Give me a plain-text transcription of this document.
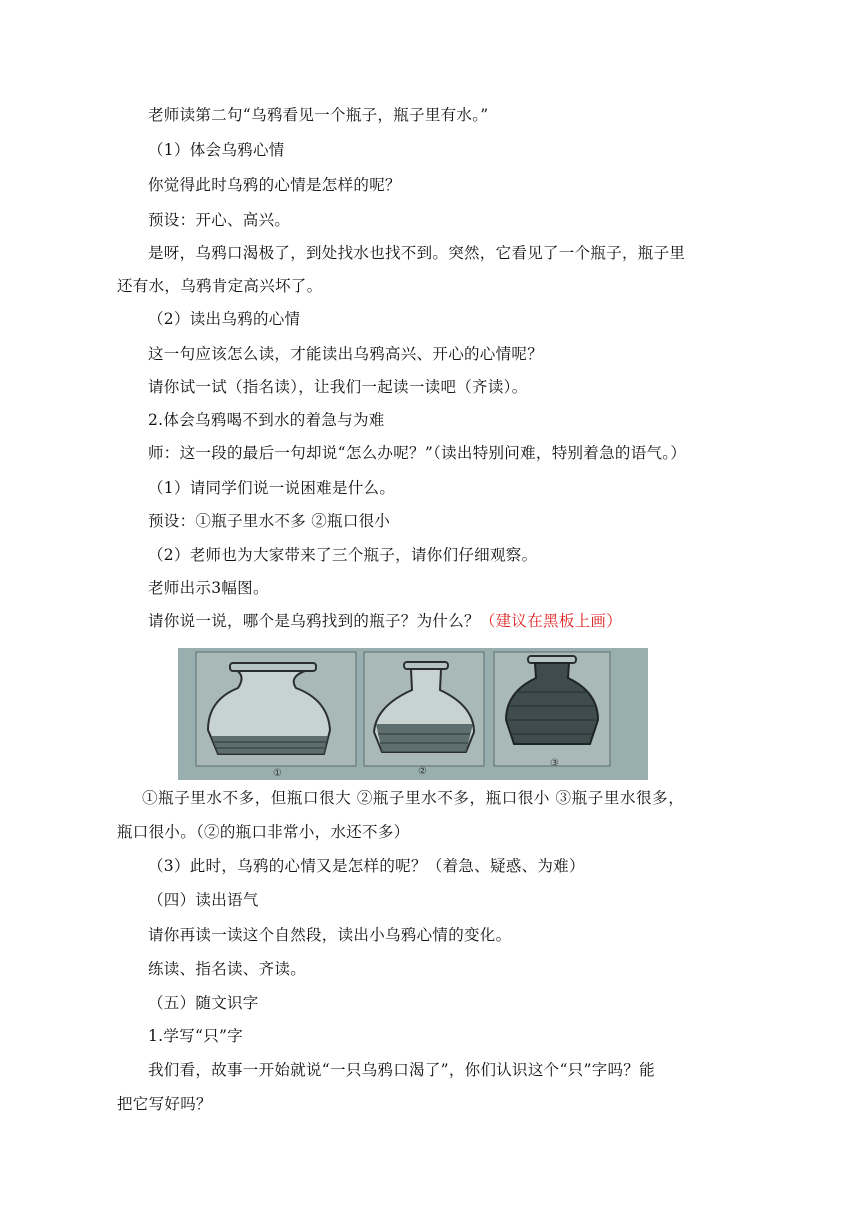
老师读第二句“乌鸦看见一个瓶子，瓶子里有水。”
（1）体会乌鸦心情
你觉得此时乌鸦的心情是怎样的呢？
预设：开心、高兴。
是呀，乌鸦口渴极了，到处找水也找不到。突然，它看见了一个瓶子，瓶子里
还有水，乌鸦肯定高兴坏了。
（2）读出乌鸦的心情
这一句应该怎么读，才能读出乌鸦高兴、开心的心情呢？
请你试一试（指名读），让我们一起读一读吧（齐读）。
2.体会乌鸦喝不到水的着急与为难
师：这一段的最后一句却说“怎么办呢？”（读出特别问难，特别着急的语气。）
（1）请同学们说一说困难是什么。
预设：①瓶子里水不多 ②瓶口很小
（2）老师也为大家带来了三个瓶子，请你们仔细观察。
老师出示3幅图。
请你说一说，哪个是乌鸦找到的瓶子？为什么？（建议在黑板上画）
①	②
③
①瓶子里水不多，但瓶口很大 ②瓶子里水不多，瓶口很小 ③瓶子里水很多，
瓶口很小。（②的瓶口非常小，水还不多）
（3）此时，乌鸦的心情又是怎样的呢？（着急、疑惑、为难）
（四）读出语气
请你再读一读这个自然段，读出小乌鸦心情的变化。
练读、指名读、齐读。
（五）随文识字
1.学写“只”字
我们看，故事一开始就说“一只乌鸦口渴了”，你们认识这个“只”字吗？能
把它写好吗？
